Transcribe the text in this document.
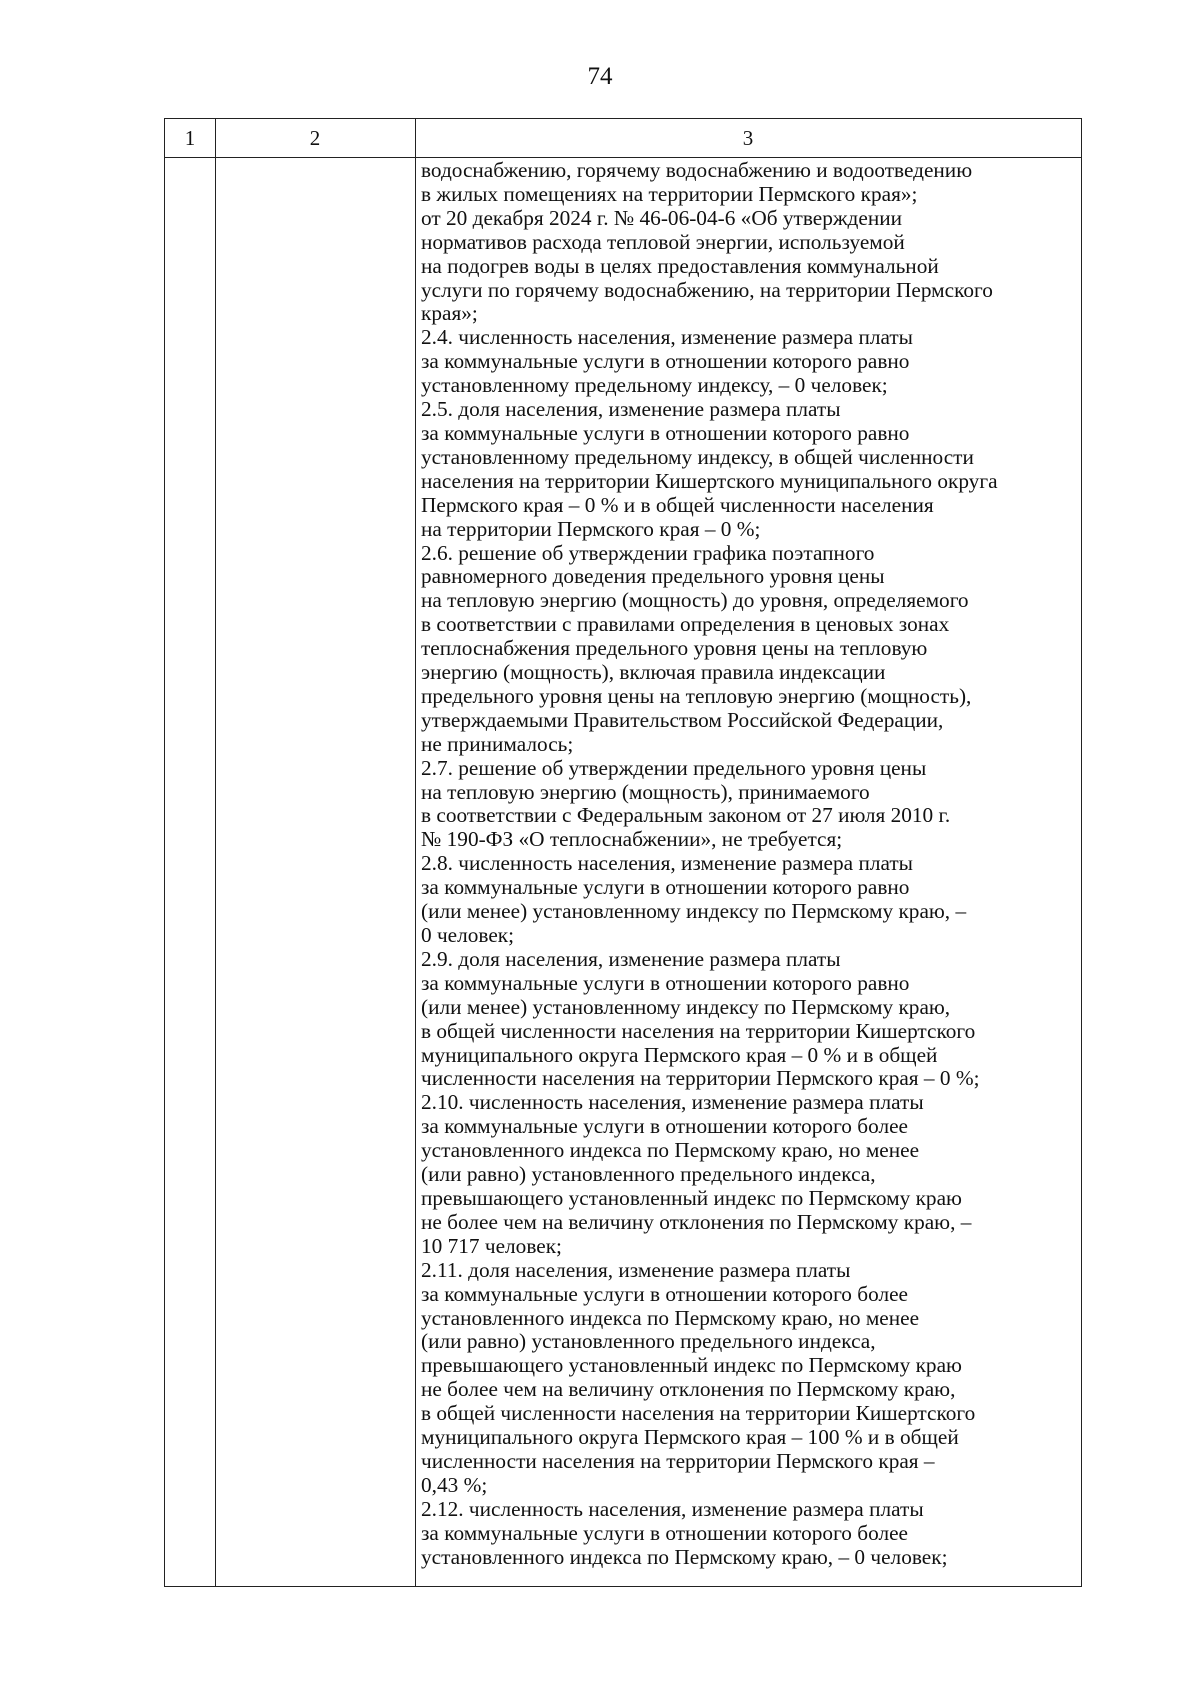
74
1	2	3
водоснабжению, горячему водоснабжению и водоотведению
в жилых помещениях на территории Пермского края»;
от 20 декабря 2024 г. № 46-06-04-6 «Об утверждении
нормативов расхода тепловой энергии, используемой
на подогрев воды в целях предоставления коммунальной
услуги по горячему водоснабжению, на территории Пермского
края»;
2.4. численность населения, изменение размера платы
за коммунальные услуги в отношении которого равно
установленному предельному индексу, – 0 человек;
2.5. доля населения, изменение размера платы
за коммунальные услуги в отношении которого равно
установленному предельному индексу, в общей численности
населения на территории Кишертского муниципального округа
Пермского края – 0 % и в общей численности населения
на территории Пермского края – 0 %;
2.6. решение об утверждении графика поэтапного
равномерного доведения предельного уровня цены
на тепловую энергию (мощность) до уровня, определяемого
в соответствии с правилами определения в ценовых зонах
теплоснабжения предельного уровня цены на тепловую
энергию (мощность), включая правила индексации
предельного уровня цены на тепловую энергию (мощность),
утверждаемыми Правительством Российской Федерации,
не принималось;
2.7. решение об утверждении предельного уровня цены
на тепловую энергию (мощность), принимаемого
в соответствии с Федеральным законом от 27 июля 2010 г.
№ 190-ФЗ «О теплоснабжении», не требуется;
2.8. численность населения, изменение размера платы
за коммунальные услуги в отношении которого равно
(или менее) установленному индексу по Пермскому краю, –
0 человек;
2.9. доля населения, изменение размера платы
за коммунальные услуги в отношении которого равно
(или менее) установленному индексу по Пермскому краю,
в общей численности населения на территории Кишертского
муниципального округа Пермского края – 0 % и в общей
численности населения на территории Пермского края – 0 %;
2.10. численность населения, изменение размера платы
за коммунальные услуги в отношении которого более
установленного индекса по Пермскому краю, но менее
(или равно) установленного предельного индекса,
превышающего установленный индекс по Пермскому краю
не более чем на величину отклонения по Пермскому краю, –
10 717 человек;
2.11. доля населения, изменение размера платы
за коммунальные услуги в отношении которого более
установленного индекса по Пермскому краю, но менее
(или равно) установленного предельного индекса,
превышающего установленный индекс по Пермскому краю
не более чем на величину отклонения по Пермскому краю,
в общей численности населения на территории Кишертского
муниципального округа Пермского края – 100 % и в общей
численности населения на территории Пермского края –
0,43 %;
2.12. численность населения, изменение размера платы
за коммунальные услуги в отношении которого более
установленного индекса по Пермскому краю, – 0 человек;
